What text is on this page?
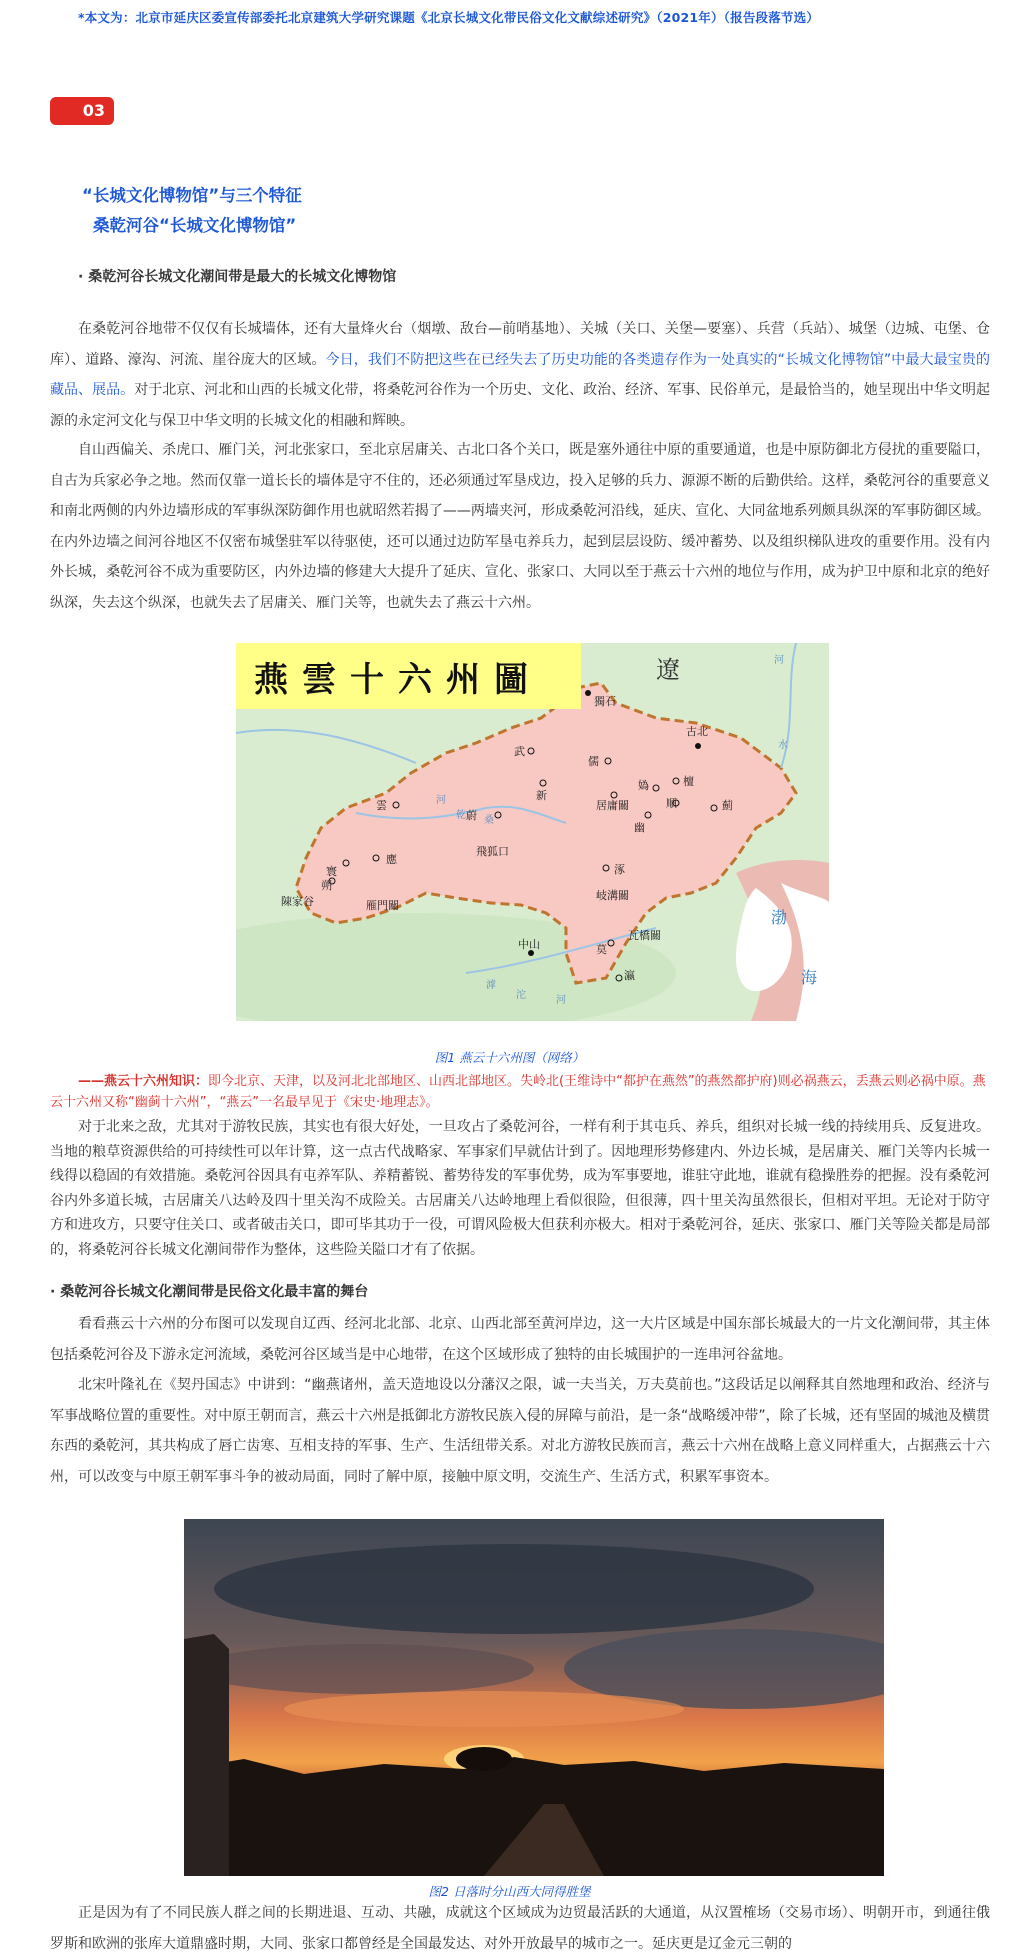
*本文为：北京市延庆区委宣传部委托北京建筑大学研究课题《北京长城文化带民俗文化文献综述研究》（2021年）（报告段落节选）
03
“长城文化博物馆”与三个特征
桑乾河谷“长城文化博物馆”
· 桑乾河谷长城文化潮间带是最大的长城文化博物馆
在桑乾河谷地带不仅仅有长城墙体，还有大量烽火台（烟墩、敌台—前哨基地）、关城（关口、关堡—要塞）、兵营（兵站）、城堡（边城、屯堡、仓库）、道路、濠沟、河流、崖谷庞大的区域。今日，我们不防把这些在已经失去了历史功能的各类遗存作为一处真实的“长城文化博物馆”中最大最宝贵的藏品、展品。对于北京、河北和山西的长城文化带，将桑乾河谷作为一个历史、文化、政治、经济、军事、民俗单元，是最恰当的，她呈现出中华文明起源的永定河文化与保卫中华文明的长城文化的相融和辉映。
自山西偏关、杀虎口、雁门关，河北张家口，至北京居庸关、古北口各个关口，既是塞外通往中原的重要通道，也是中原防御北方侵扰的重要隘口，自古为兵家必争之地。然而仅靠一道长长的墙体是守不住的，还必须通过军垦戍边，投入足够的兵力、源源不断的后勤供给。这样，桑乾河谷的重要意义和南北两侧的内外边墙形成的军事纵深防御作用也就昭然若揭了——两墙夹河，形成桑乾河沿线，延庆、宣化、大同盆地系列颇具纵深的军事防御区域。在内外边墙之间河谷地区不仅密布城堡驻军以待驱使，还可以通过边防军垦屯养兵力，起到层层设防、缓冲蓄势、以及组织梯队进攻的重要作用。没有内外长城，桑乾河谷不成为重要防区，内外边墙的修建大大提升了延庆、宣化、张家口、大同以至于燕云十六州的地位与作用，成为护卫中原和北京的绝好纵深，失去这个纵深，也就失去了居庸关、雁门关等，也就失去了燕云十六州。
燕雲十六州圖	遼
渤
海
獨石
古北
武
儒
檀
新
媯
順	薊
雲
蔚
居庸關
幽
飛狐口
寰
應
涿
朔
陳家谷	雁門關
岐溝關
瓦橋關
莫
中山
瀛
河
乾 桑
滹
沱	河
河
水
图1 燕云十六州图（网络）
——燕云十六州知识：即今北京、天津，以及河北北部地区、山西北部地区。失岭北(王维诗中“都护在燕然”的燕然都护府)则必祸燕云，丢燕云则必祸中原。燕云十六州又称“幽蓟十六州”，“燕云”一名最早见于《宋史·地理志》。
对于北来之敌，尤其对于游牧民族，其实也有很大好处，一旦攻占了桑乾河谷，一样有利于其屯兵、养兵，组织对长城一线的持续用兵、反复进攻。当地的粮草资源供给的可持续性可以年计算，这一点古代战略家、军事家们早就估计到了。因地理形势修建内、外边长城，是居庸关、雁门关等内长城一线得以稳固的有效措施。桑乾河谷因具有屯养军队、养精蓄锐、蓄势待发的军事优势，成为军事要地，谁驻守此地，谁就有稳操胜券的把握。没有桑乾河谷内外多道长城，古居庸关八达岭及四十里关沟不成险关。古居庸关八达岭地理上看似很险，但很薄，四十里关沟虽然很长，但相对平坦。无论对于防守方和进攻方，只要守住关口、或者破击关口，即可毕其功于一役，可谓风险极大但获利亦极大。相对于桑乾河谷，延庆、张家口、雁门关等险关都是局部的，将桑乾河谷长城文化潮间带作为整体，这些险关隘口才有了依据。
· 桑乾河谷长城文化潮间带是民俗文化最丰富的舞台
看看燕云十六州的分布图可以发现自辽西、经河北北部、北京、山西北部至黄河岸边，这一大片区域是中国东部长城最大的一片文化潮间带，其主体包括桑乾河谷及下游永定河流域，桑乾河谷区域当是中心地带，在这个区域形成了独特的由长城围护的一连串河谷盆地。
北宋叶隆礼在《契丹国志》中讲到：“幽燕诸州，盖天造地设以分藩汉之限，诚一夫当关，万夫莫前也。”这段话足以阐释其自然地理和政治、经济与军事战略位置的重要性。对中原王朝而言，燕云十六州是抵御北方游牧民族入侵的屏障与前沿，是一条“战略缓冲带”，除了长城，还有坚固的城池及横贯东西的桑乾河，其共构成了唇亡齿寒、互相支持的军事、生产、生活纽带关系。对北方游牧民族而言，燕云十六州在战略上意义同样重大，占据燕云十六州，可以改变与中原王朝军事斗争的被动局面，同时了解中原，接触中原文明，交流生产、生活方式，积累军事资本。
图2 日落时分山西大同得胜堡
正是因为有了不同民族人群之间的长期进退、互动、共融，成就这个区域成为边贸最活跃的大通道，从汉置榷场（交易市场）、明朝开市，到通往俄罗斯和欧洲的张库大道鼎盛时期，大同、张家口都曾经是全国最发达、对外开放最早的城市之一。延庆更是辽金元三朝的
